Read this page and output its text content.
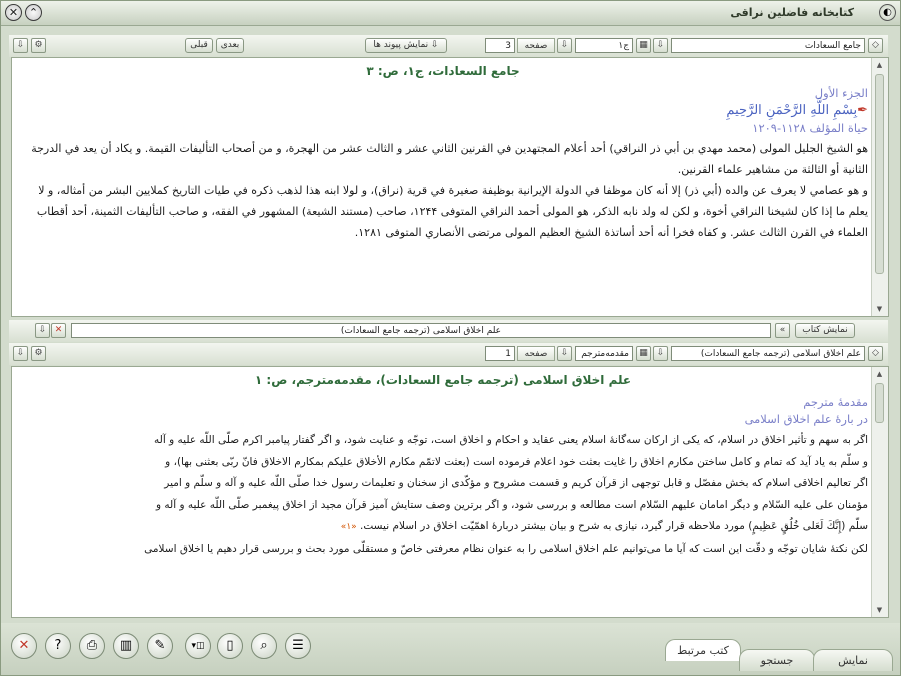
✕ ⌃	◐
کتابخانه فاضلین نراقی
⇩	⚙	قبلی	بعدی	نمایش پیوند ها ⇩	3	صفحه	⇩	ج۱	▦ ⇩	جامع السعادات	◇
جامع السعادات، ج۱، ص: ۳
الجزء الأول
✒بِسْمِ اللَّهِ الرَّحْمَنِ الرَّحِيمِ
حياة المؤلف ۱۱۲۸-۱۲۰۹

هو الشيخ الجليل المولى (محمد مهدي بن أبي ذر النراقي) أحد أعلام المجتهدين في القرنين الثاني عشر و الثالث عشر من الهجرة، و من أصحاب التأليفات القيمة. و يكاد أن يعد في الدرجة الثانية أو الثالثة من مشاهير علماء القرنين.

و هو عصامي لا يعرف عن والده (أبي ذر) إلا أنه كان موظفا في الدولة الإيرانية بوظيفة صغيرة في قرية (نراق)، و لولا ابنه هذا لذهب ذكره في طيات التاريخ كملايين البشر من أمثاله، و لا يعلم ما إذا كان لشيخنا النراقي أخوة، و لكن له ولد نابه الذكر، هو المولى أحمد النراقي المتوفى ۱۲۴۴، صاحب (مستند الشيعة) المشهور في الفقه، و صاحب التأليفات الثمينة، أحد أقطاب العلماء في القرن الثالث عشر. و كفاه فخرا أنه أحد أساتذة الشيخ العظيم المولى مرتضى الأنصاري المتوفى ۱۲۸۱.

▲
▼
⇩ ✕	علم اخلاق اسلامى (ترجمه جامع السعادات)	نمایش کتاب
«
⇩	⚙	1	صفحه	⇩	مقدمه‌مترجم	▦ ⇩	علم اخلاق اسلامى (ترجمه جامع السعادات)	◇
علم اخلاق اسلامى (ترجمه جامع السعادات)، مقدمه‌مترجم، ص: ۱
مقدمهٔ مترجم
در بارهٔ علم اخلاق اسلامى

اگر به سهم و تأثير اخلاق در اسلام، كه يكى از اركان سه‌گانهٔ اسلام يعنى عقايد و احكام و اخلاق است، توجّه و عنايت شود، و اگر گفتار پيامبر اكرم صلّى اللّه عليه و آله

و سلّم به ياد آيد كه تمام و كامل ساختن مكارم اخلاق را غايت بعثت خود اعلام فرموده است (بعثت لاتمّم مكارم الأخلاق عليكم بمكارم الاخلاق فانّ ربّى بعثنى بها)، و

اگر تعاليم اخلاقى اسلام كه بخش مفصّل و قابل توجهى از قرآن كريم و قسمت مشروح و مؤكّدى از سخنان و تعليمات رسول خدا صلّى اللّه عليه و آله و سلّم و امير

مؤمنان على عليه السّلام و ديگر امامان عليهم السّلام است مطالعه و بررسى شود، و اگر برترين وصف ستايش آميز قرآن مجيد از اخلاق پيغمبر صلّى اللّه عليه و آله و

سلّم (إِنَّكَ لَعَلى‌ خُلُقٍ عَظِيمٍ) مورد ملاحظه قرار گيرد، نيازى به شرح و بيان بيشتر دربارهٔ اهمّيّت اخلاق در اسلام نيست. «۱»

لكن نكتهٔ شايان توجّه و دقّت اين است كه آيا ما مى‌توانيم علم اخلاق اسلامى را به عنوان نظام معرفتى خاصّ و مستقلّى مورد بحث و بررسى قرار دهيم يا اخلاق اسلامى

▲
▼
✕	?	⎙	▥	✎	▾◫	▯	⌕	☰	كتب مرتبط
جستجو	نمایش
